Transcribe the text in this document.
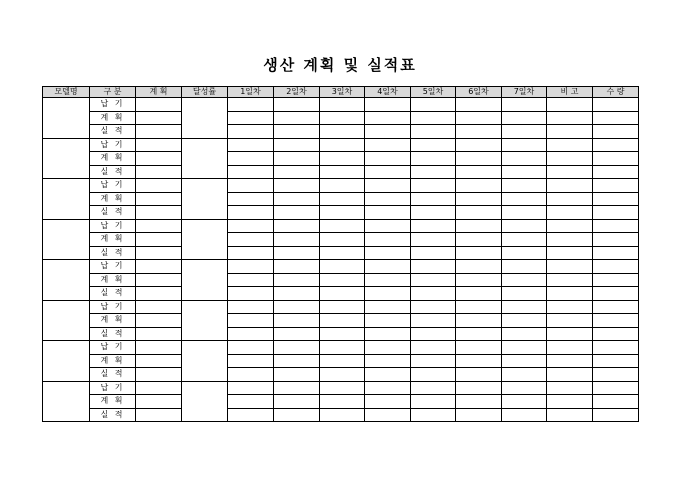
생산 계획 및 실적표
모델명	구 분	계 획	달성률	1일차	2일차	3일차	4일차	5일차	6일차	7일차	비 고	수 량
	납 기											
	계 획											
	실 적											
	납 기											
	계 획											
	실 적											
	납 기											
	계 획											
	실 적											
	납 기											
	계 획											
	실 적											
	납 기											
	계 획											
	실 적											
	납 기											
	계 획											
	실 적											
	납 기											
	계 획											
	실 적											
	납 기											
	계 획											
	실 적											
